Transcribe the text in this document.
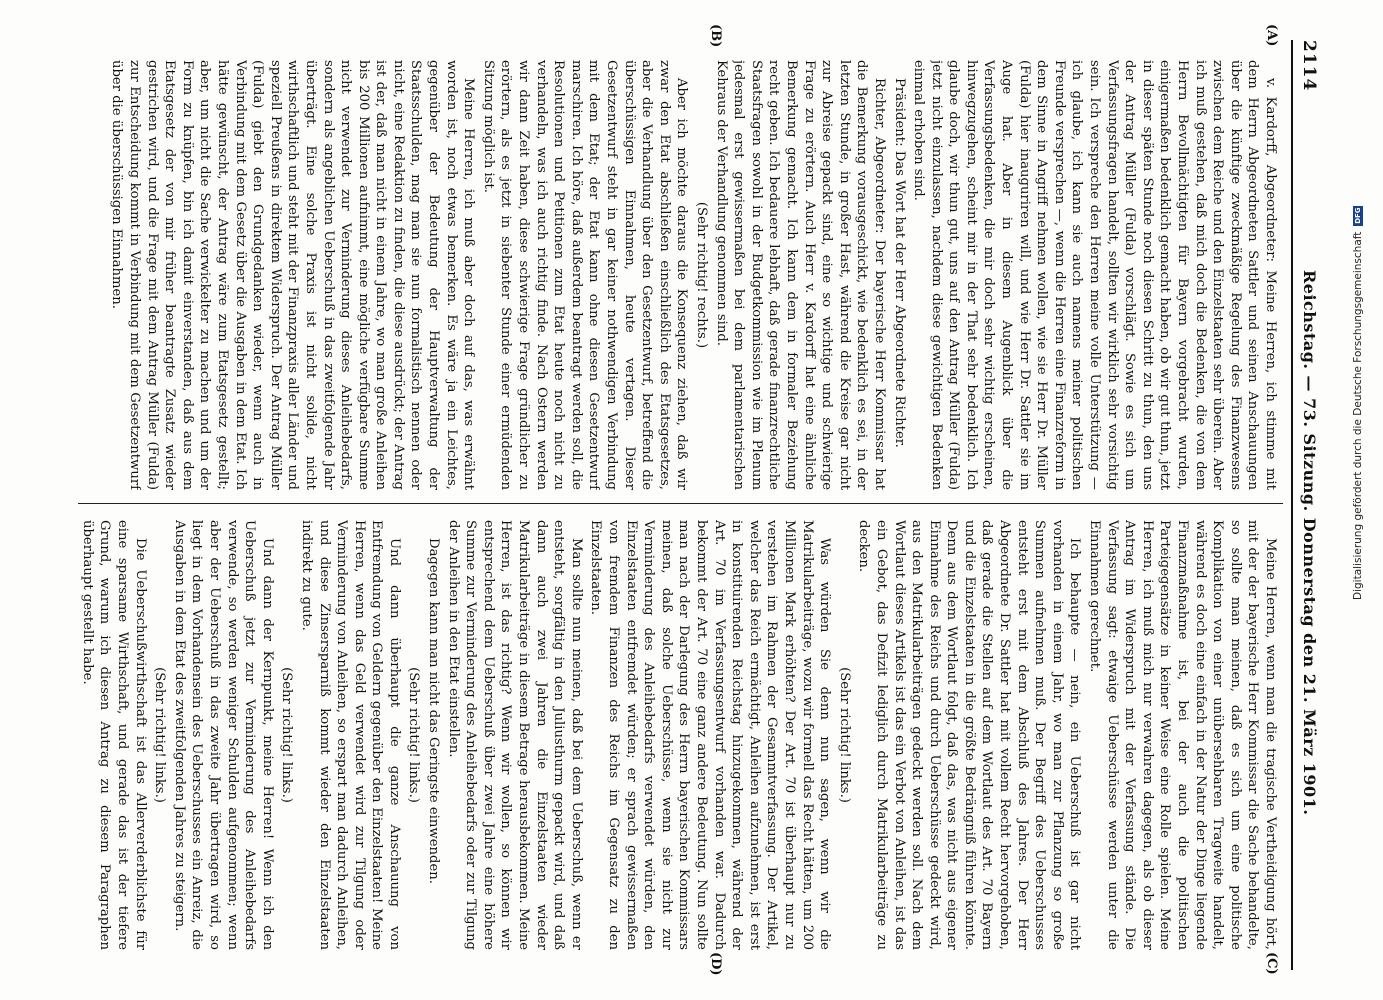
2114
Reichstag. — 73. Sitzung. Donnerstag den 21. März 1901.
(A)
(B)
(C)
(D)

v. Kardorff, Abgeordneter: Meine Herren, ich stimme mit dem Herrn Abgeordneten Sattler und seinen Anschauungen über die künftige zweckmäßige Regelung des Finanzwesens zwischen dem Reiche und den Einzelstaaten sehr überein. Aber ich muß gestehen, daß mich doch die Bedenken, die von dem Herrn Bevollmächtigten für Bayern vorgebracht wurden, einigermaßen bedenklich gemacht haben, ob wir gut thun, jetzt in dieser späten Stunde noch diesen Schritt zu thun, den uns der Antrag Müller (Fulda) vorschlägt. Sowie es sich um Verfassungsfragen handelt, sollten wir wirklich sehr vorsichtig sein. Ich verspreche den Herren meine volle Unterstützung — ich glaube, ich kann sie auch namens meiner politischen Freunde versprechen —, wenn die Herren eine Finanzreform in dem Sinne in Angriff nehmen wollen, wie sie Herr Dr. Müller (Fulda) hier inauguriren will, und wie Herr Dr. Sattler sie im Auge hat. Aber in diesem Augenblick über die Verfassungsbedenken, die mir doch sehr wichtig erscheinen, hinwegzugehen, scheint mir in der That sehr bedenklich. Ich glaube doch, wir thun gut, uns auf den Antrag Müller (Fulda) jetzt nicht einzulassen, nachdem diese gewichtigen Bedenken einmal erhoben sind.

Präsident: Das Wort hat der Herr Abgeordnete Richter.

Richter, Abgeordneter: Der bayerische Herr Kommissar hat die Bemerkung vorausgeschickt, wie bedenklich es sei, in der letzten Stunde, in großer Hast, während die Kreise gar nicht zur Abreise gepackt sind, eine so wichtige und schwierige Frage zu erörtern. Auch Herr v. Kardorff hat eine ähnliche Bemerkung gemacht. Ich kann dem in formaler Beziehung recht geben. Ich bedauere lebhaft, daß gerade finanzrechtliche Staatsfragen sowohl in der Budgetkommission wie im Plenum jedesmal erst gewissermaßen bei dem parlamentarischen Kehraus der Verhandlung genommen sind.

(Sehr richtig! rechts.)

Aber ich möchte daraus die Konsequenz ziehen, daß wir zwar den Etat abschließen einschließlich des Etatsgesetzes, aber die Verhandlung über den Gesetzentwurf, betreffend die überschüssigen Einnahmen, heute vertagen. Dieser Gesetzentwurf steht in gar keiner nothwendigen Verbindung mit dem Etat; der Etat kann ohne diesen Gesetzentwurf marschiren. Ich höre, daß außerdem beantragt werden soll, die Resolutionen und Petitionen zum Etat heute noch nicht zu verhandeln, was ich auch richtig finde. Nach Ostern werden wir dann Zeit haben, diese schwierige Frage gründlicher zu erörtern, als es jetzt in siebenter Stunde einer ermüdenden Sitzung möglich ist.

Meine Herren, ich muß aber doch auf das, was erwähnt worden ist, noch etwas bemerken. Es wäre ja ein Leichtes, gegenüber der Bedeutung der Hauptverwaltung der Staatsschulden, mag man sie nun formalistisch nennen oder nicht, eine Redaktion zu finden, die diese ausdrückt; der Antrag ist der, daß man nicht in einem Jahre, wo man große Anleihen bis 200 Millionen aufnimmt, eine mögliche verfügbare Summe nicht verwendet zur Verminderung dieses Anleihebedarfs, sondern als angeblichen Ueberschuß in das zweitfolgende Jahr überträgt. Eine solche Praxis ist nicht solide, nicht wirthschaftlich und steht mit der Finanzpraxis aller Länder und speziell Preußens in direktem Widerspruch. Der Antrag Müller (Fulda) giebt den Grundgedanken wieder, wenn auch in Verbindung mit dem Gesetz über die Ausgaben in dem Etat. Ich hätte gewünscht, der Antrag wäre zum Etatsgesetz gestellt; aber, um nicht die Sache verwickelter zu machen und um der Form zu knüpfen, bin ich damit einverstanden, daß aus dem Etatsgesetz der von mir früher beantragte Zusatz wieder gestrichen wird, und die Frage mit dem Antrag Müller (Fulda) zur Entscheidung kommt in Verbindung mit dem Gesetzentwurf über die überschüssigen Einnahmen.

Meine Herren, wenn man die tragische Vertheidigung hört, mit der der bayerische Herr Kommissar die Sache behandelte, so sollte man meinen, daß es sich um eine politische Komplikation von einer unübersehbaren Tragweite handelt, während es doch eine einfach in der Natur der Dinge liegende Finanzmaßnahme ist, bei der auch die politischen Parteigegensätze in keiner Weise eine Rolle spielen. Meine Herren, ich muß mich nur verwahren dagegen, als ob dieser Antrag im Widerspruch mit der Verfassung stände. Die Verfassung sagt: etwaige Ueberschüsse werden unter die Einnahmen gerechnet.

Ich behaupte — nein, ein Ueberschuß ist gar nicht vorhanden in einem Jahr, wo man zur Pflanzung so große Summen aufnehmen muß. Der Begriff des Ueberschusses entsteht erst mit dem Abschluß des Jahres. Der Herr Abgeordnete Dr. Sattler hat mit vollem Recht hervorgehoben, daß gerade die Stellen auf dem Wortlaut des Art. 70 Bayern und die Einzelstaaten in die größte Bedrängniß führen könnte. Denn aus dem Wortlaut folgt, daß das, was nicht aus eigener Einnahme des Reichs und durch Ueberschüsse gedeckt wird, aus den Matrikularbeiträgen gedeckt werden soll. Nach dem Wortlaut dieses Artikels ist das ein Verbot von Anleihen, ist das ein Gebot, das Defizit lediglich durch Matrikularbeiträge zu decken.

(Sehr richtig! links.)

Was würden Sie denn nun sagen, wenn wir die Matrikularbeiträge, wozu wir formell das Recht hätten, um 200 Millionen Mark erhöhten? Der Art. 70 ist überhaupt nur zu verstehen im Rahmen der Gesammtverfassung. Der Artikel, welcher das Reich ermächtigt, Anleihen aufzunehmen, ist erst in konstituirenden Reichstag hinzugekommen, während der Art. 70 im Verfassungsentwurf vorhanden war. Dadurch bekommt der Art. 70 eine ganz andere Bedeutung. Nun sollte man nach der Darlegung des Herrn bayerischen Kommissars meinen, daß solche Ueberschüsse, wenn sie nicht zur Verminderung des Anleihebedarfs verwendet würden, den Einzelstaaten entfremdet würden; er sprach gewissermaßen von fremdem Finanzen des Reichs im Gegensatz zu den Einzelstaaten.

Man sollte nun meinen, daß bei dem Ueberschuß, wenn er entsteht, sorgfältig in den Juliusthurm gepackt wird, und daß dann auch zwei Jahren die Einzelstaaten wieder Matrikularbeiträge in diesem Betrage herausbekommen. Meine Herren, ist das richtig? Wenn wir wollen, so können wir entsprechend dem Ueberschuß über zwei Jahre eine höhere Summe zur Verminderung des Anleihebedarfs oder zur Tilgung der Anleihen in den Etat einstellen.

Dagegen kann man nicht das Geringste einwenden.

(Sehr richtig! links.)

Und dann überhaupt die ganze Anschauung von Entfremdung von Geldern gegenüber den Einzelstaaten! Meine Herren, wenn das Geld verwendet wird zur Tilgung oder Verminderung von Anleihen, so erspart man dadurch Anleihen, und diese Zinsersparniß kommt wieder den Einzelstaaten indirekt zu gute.

(Sehr richtig! links.)

Und dann der Kernpunkt, meine Herren! Wenn ich den Ueberschuß jetzt zur Verminderung des Anleihebedarfs verwende, so werden weniger Schulden aufgenommen; wenn aber der Ueberschuß in das zweite Jahr übertragen wird, so liegt in dem Vorhandensein des Ueberschusses ein Anreiz, die Ausgaben in dem Etat des zweitfolgenden Jahres zu steigern.

(Sehr richtig! links.)

Die Ueberschußwirthschaft ist das Allerverderblichste für eine sparsame Wirthschaft, und gerade das ist der tiefere Grund, warum ich diesen Antrag zu diesem Paragraphen überhaupt gestellt habe.

Digitalisierung gefördert durch die Deutsche ForschungsgemeinschaftDFG
